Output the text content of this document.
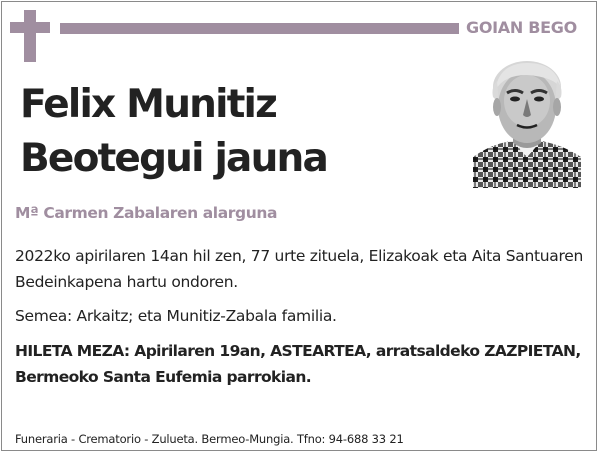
GOIAN BEGO
Felix Munitiz
Beotegui jauna
Mª Carmen Zabalaren alarguna
2022ko apirilaren 14an hil zen, 77 urte zituela, Elizakoak eta Aita Santuaren Bedeinkapena hartu ondoren.
Semea: Arkaitz; eta Munitiz-Zabala familia.
HILETA MEZA: Apirilaren 19an, ASTEARTEA, arratsaldeko ZAZPIETAN, Bermeoko Santa Eufemia parrokian.
Funeraria - Crematorio - Zulueta. Bermeo-Mungia. Tfno: 94-688 33 21
